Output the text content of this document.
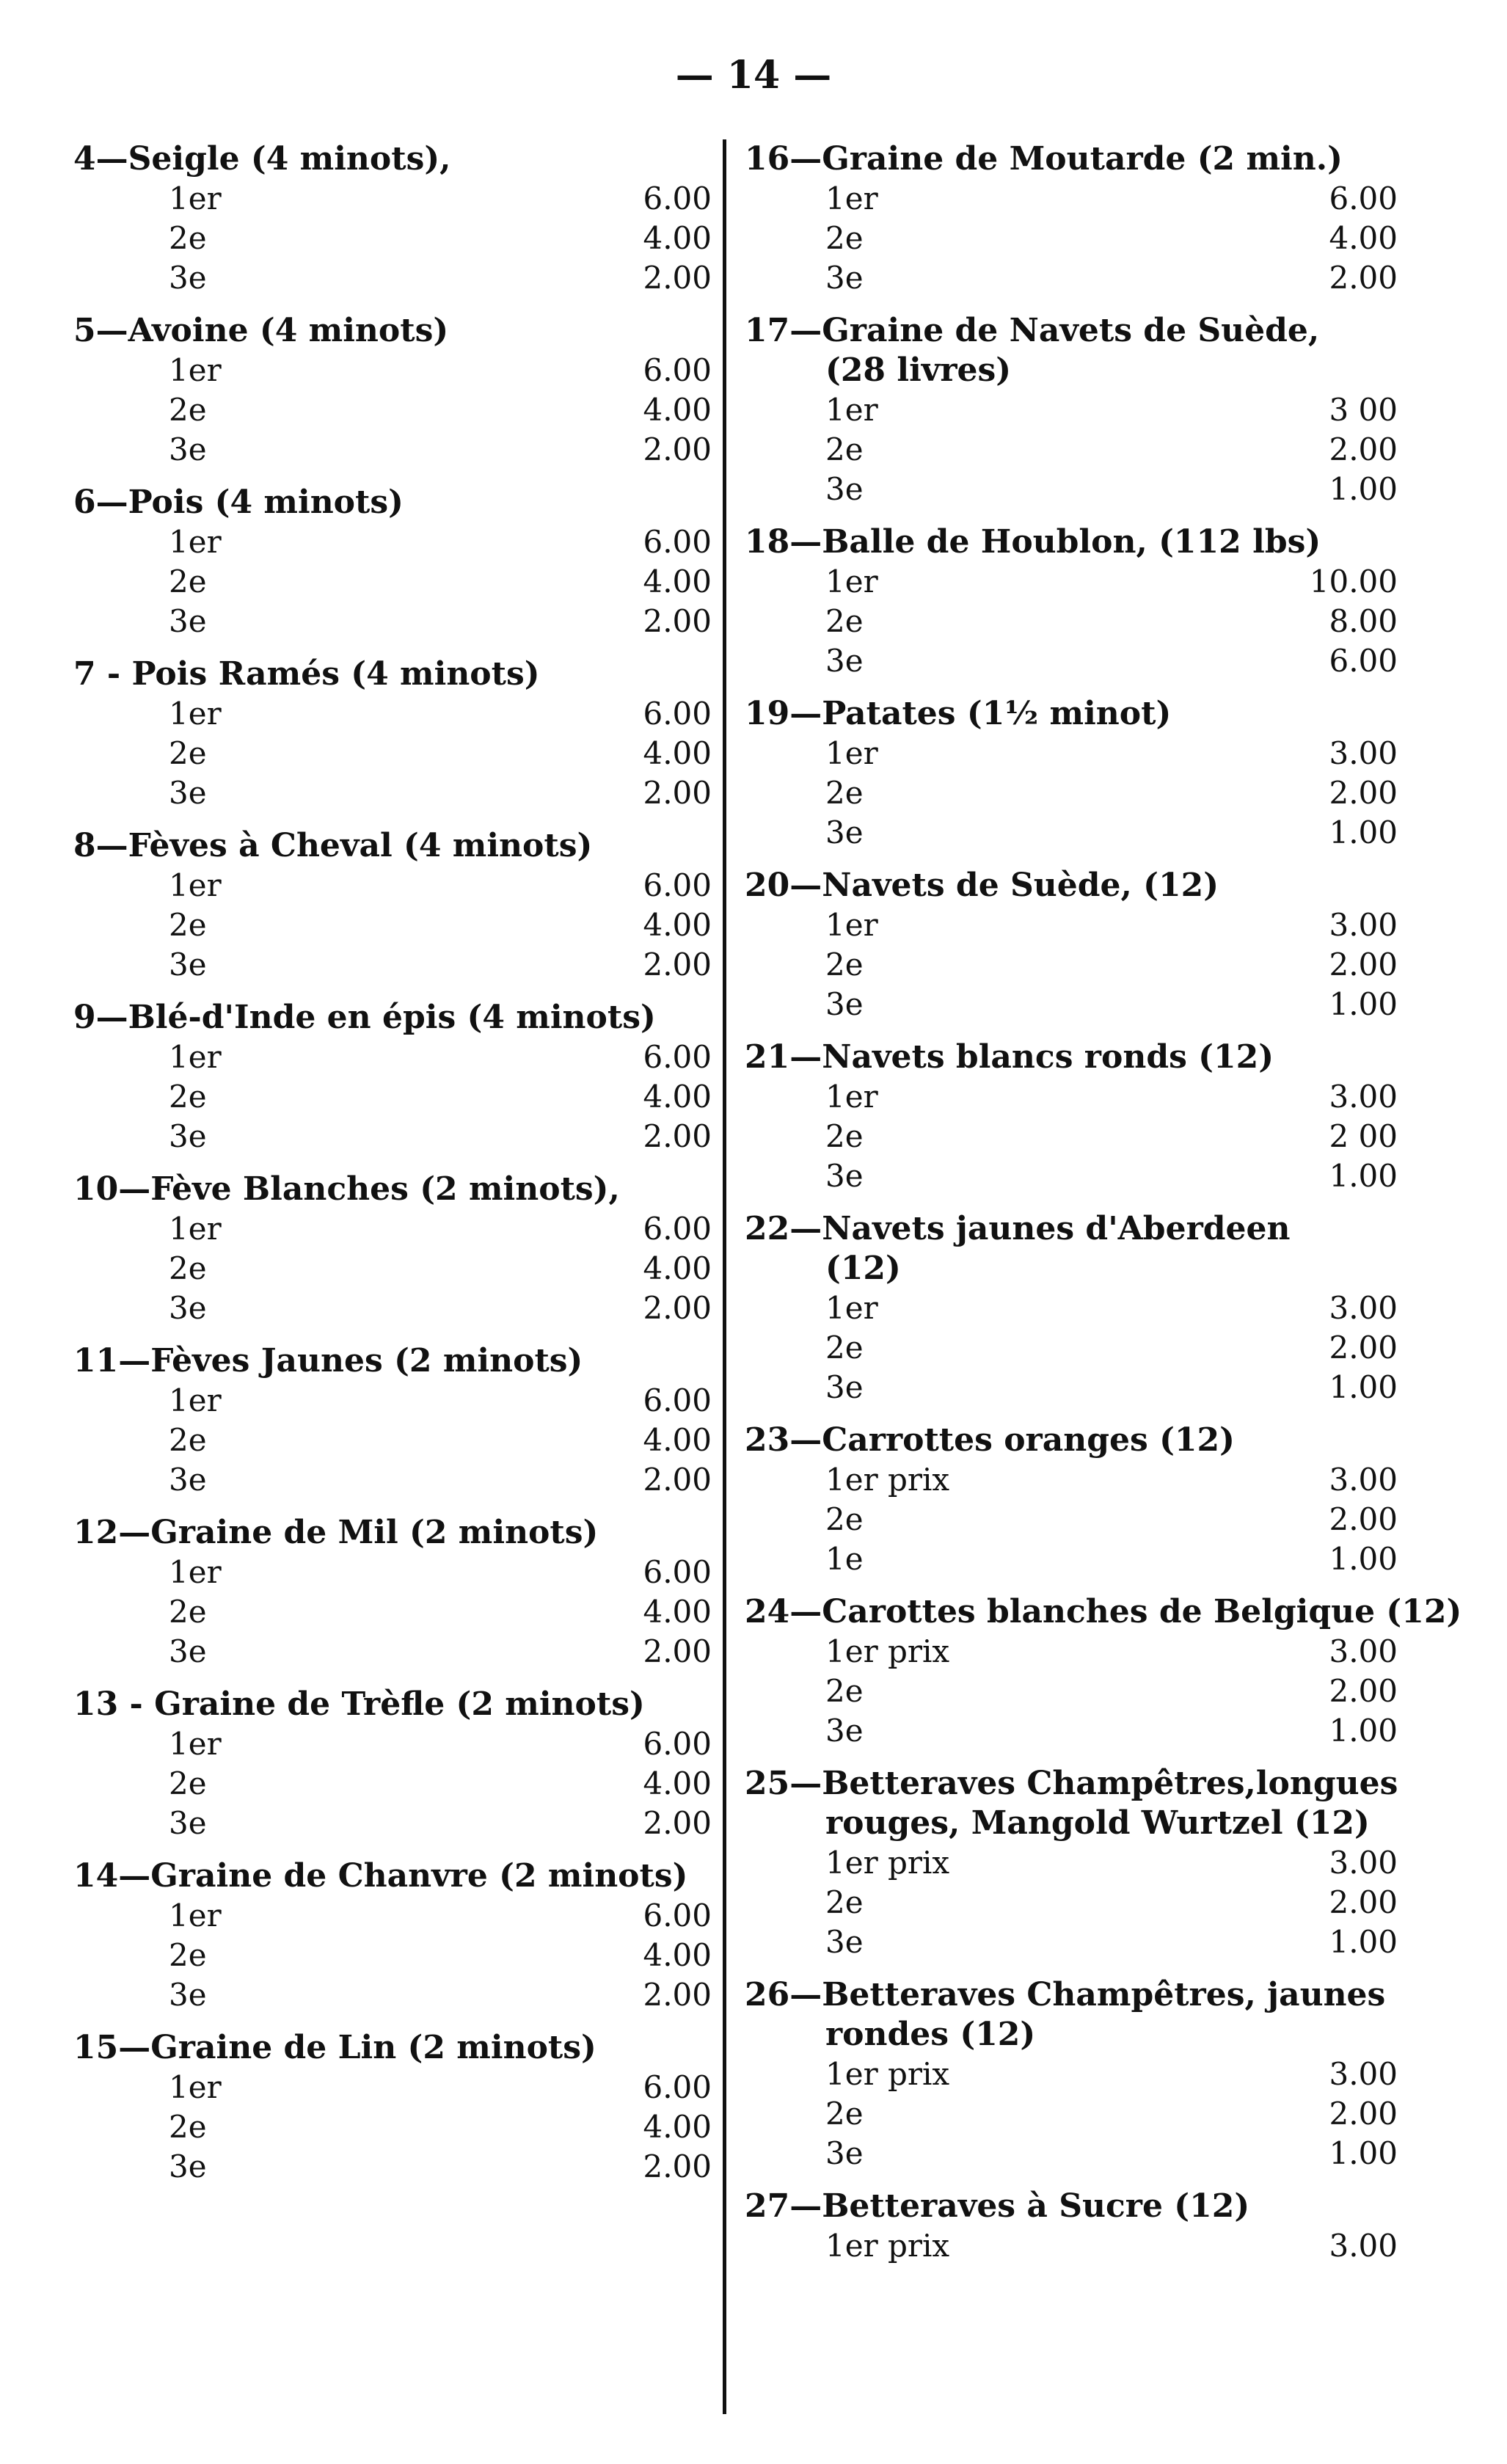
— 14 —
4—Seigle (4 minots),
1er	6.00
2e	4.00
3e	2.00
5—Avoine (4 minots)
1er	6.00
2e	4.00
3e	2.00
6—Pois (4 minots)
1er	6.00
2e	4.00
3e	2.00
7 - Pois Ramés (4 minots)
1er	6.00
2e	4.00
3e	2.00
8—Fèves à Cheval (4 minots)
1er	6.00
2e	4.00
3e	2.00
9—Blé-d'Inde en épis (4 minots)
1er	6.00
2e	4.00
3e	2.00
10—Fève Blanches (2 minots),
1er	6.00
2e	4.00
3e	2.00
11—Fèves Jaunes (2 minots)
1er	6.00
2e	4.00
3e	2.00
12—Graine de Mil (2 minots)
1er	6.00
2e	4.00
3e	2.00
13 - Graine de Trèfle (2 minots)
1er	6.00
2e	4.00
3e	2.00
14—Graine de Chanvre (2 minots)
1er	6.00
2e	4.00
3e	2.00
15—Graine de Lin (2 minots)
1er	6.00
2e	4.00
3e	2.00
16—Graine de Moutarde (2 min.)
1er	6.00
2e	4.00
3e	2.00
17—Graine de Navets de Suède,
(28 livres)
1er	3 00
2e	2.00
3e	1.00
18—Balle de Houblon, (112 lbs)
1er	10.00
2e	8.00
3e	6.00
19—Patates (1½ minot)
1er	3.00
2e	2.00
3e	1.00
20—Navets de Suède, (12)
1er	3.00
2e	2.00
3e	1.00
21—Navets blancs ronds (12)
1er	3.00
2e	2 00
3e	1.00
22—Navets jaunes d'Aberdeen
(12)
1er	3.00
2e	2.00
3e	1.00
23—Carrottes oranges (12)
1er prix	3.00
2e	2.00
1e	1.00
24—Carottes blanches de Belgique (12)
1er prix	3.00
2e	2.00
3e	1.00
25—Betteraves Champêtres,longues
rouges, Mangold Wurtzel (12)
1er prix	3.00
2e	2.00
3e	1.00
26—Betteraves Champêtres, jaunes
rondes (12)
1er prix	3.00
2e	2.00
3e	1.00
27—Betteraves à Sucre (12)
1er prix	3.00
